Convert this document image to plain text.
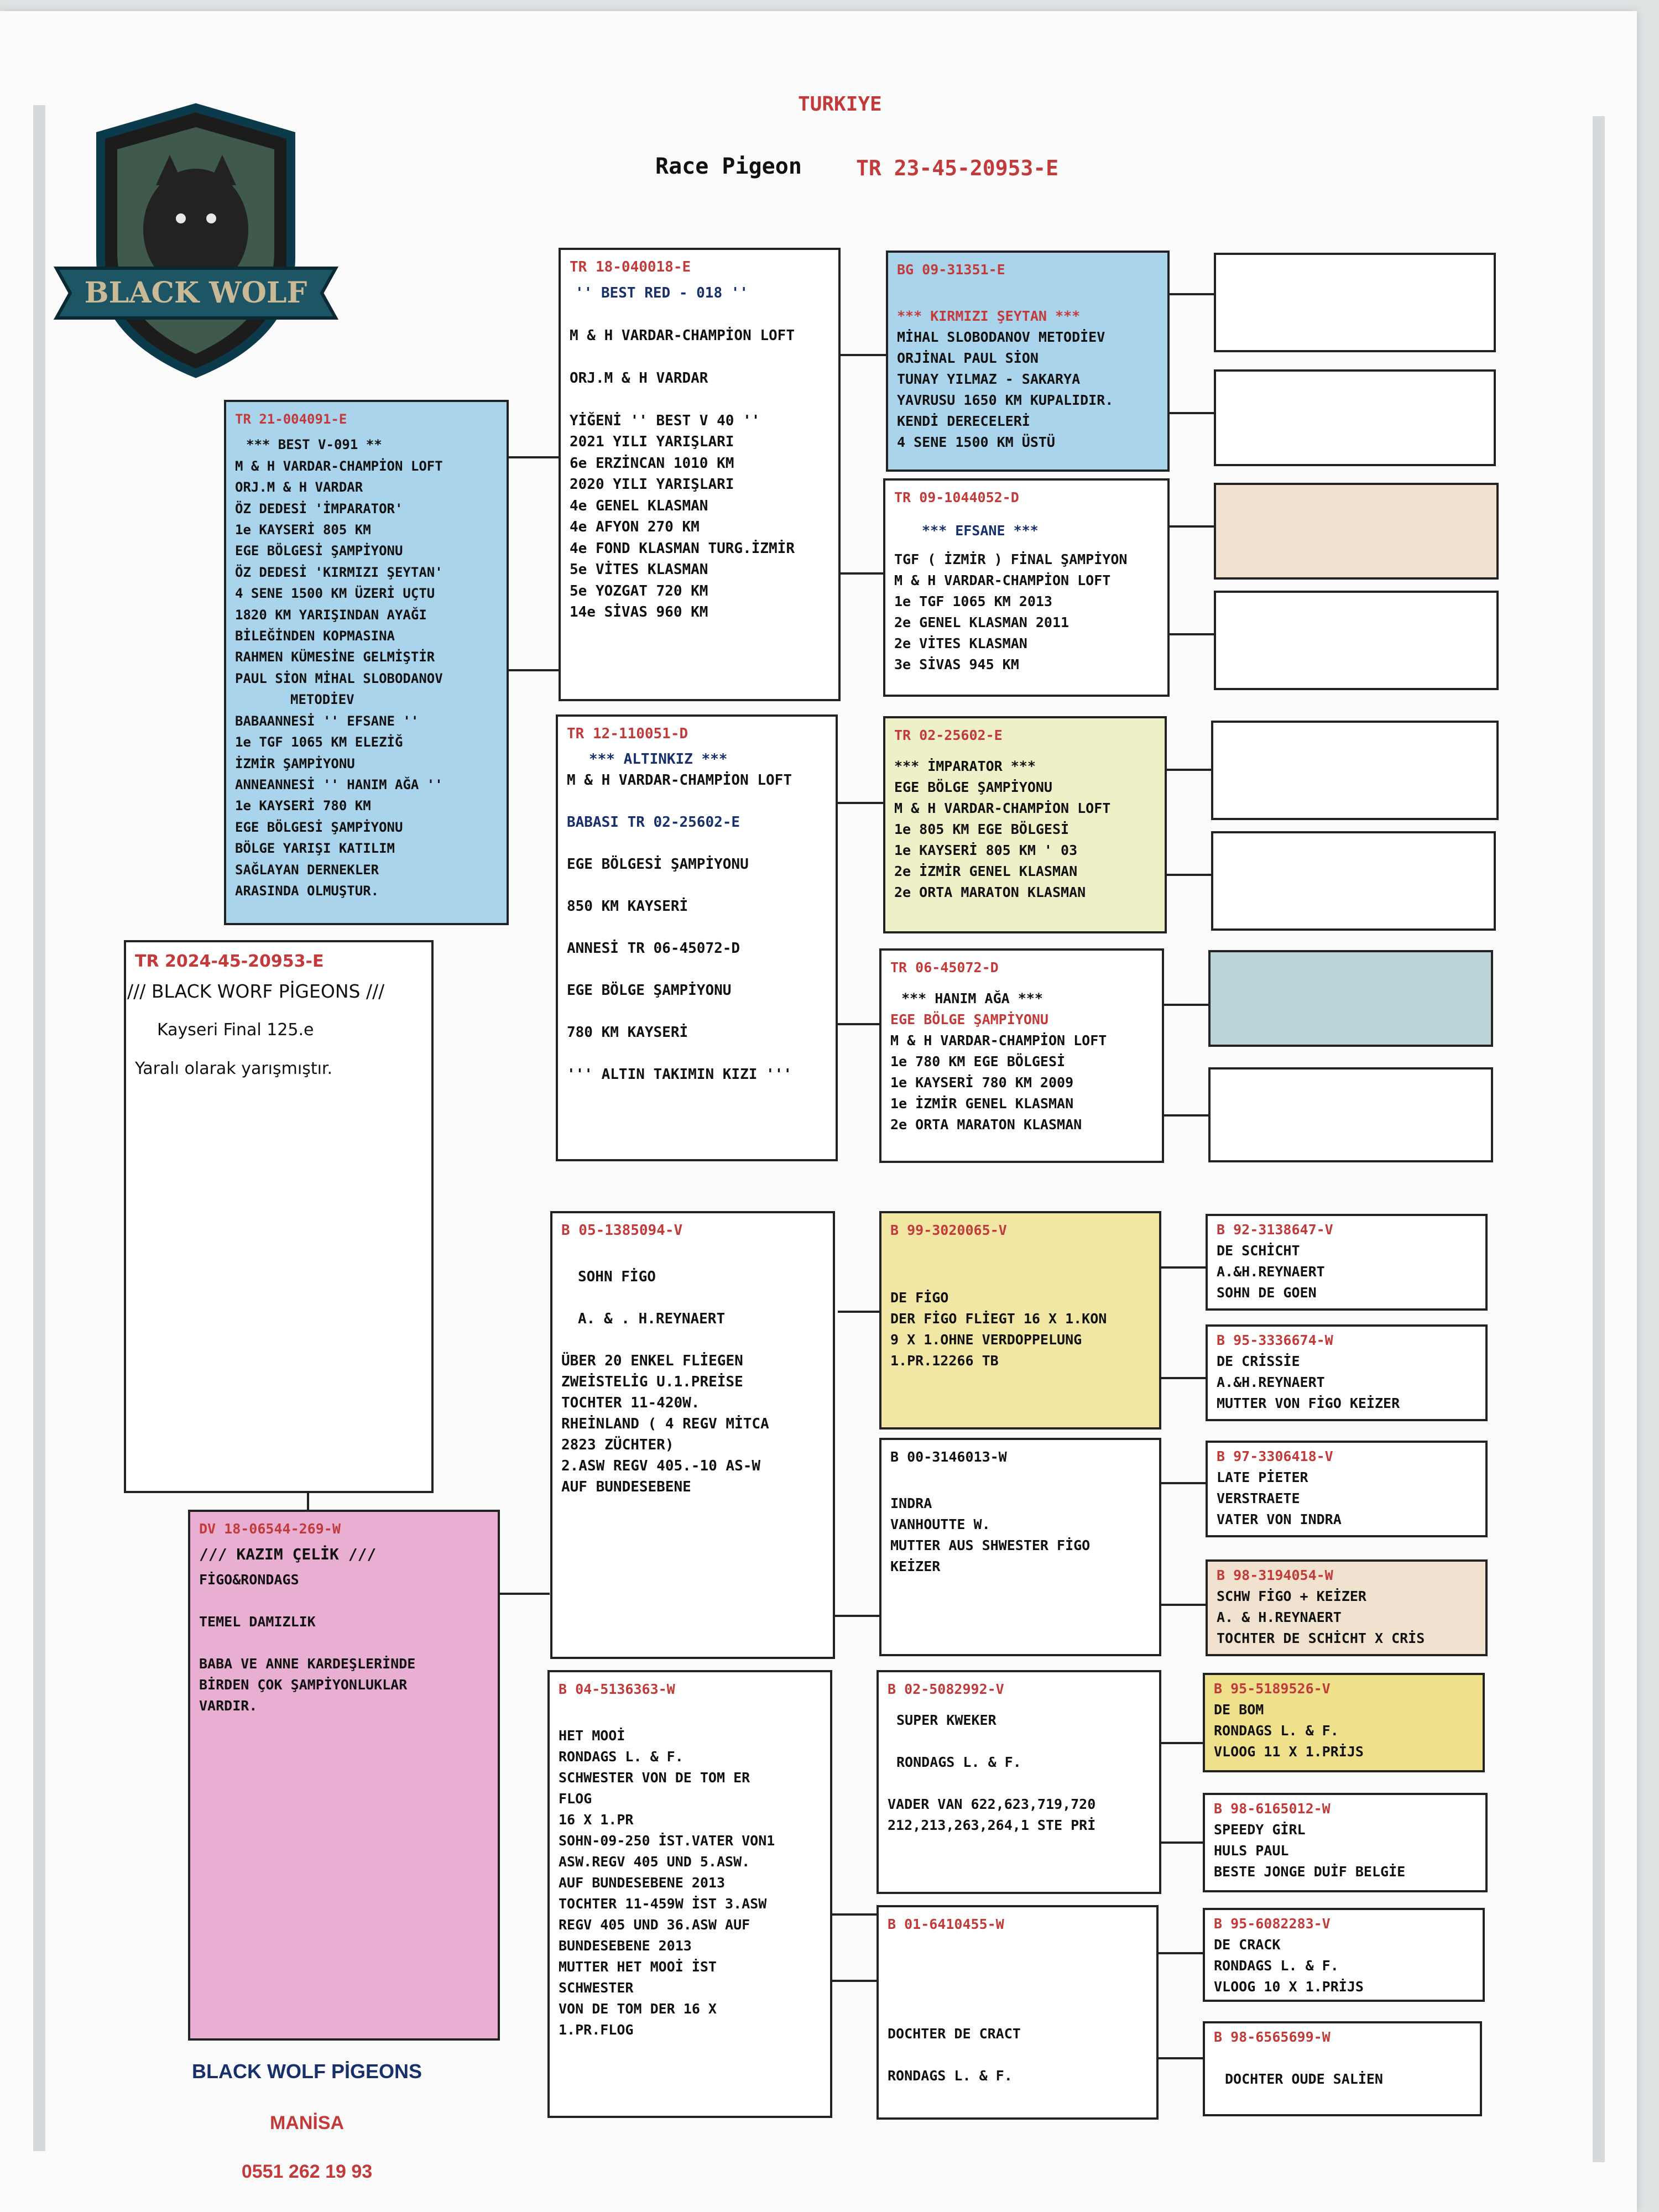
TURKIYE
Race Pigeon	TR 23-45-20953-E
BLACK WOLF
TR 2024-45-20953-E
/// BLACK WORF PİGEONS ///
Kayseri Final 125.e
Yaralı olarak yarışmıştır.
TR 21-004091-E
*** BEST V-091 **
M & H VARDAR-CHAMPİON LOFT
ORJ.M & H VARDAR
ÖZ DEDESİ 'İMPARATOR'
1e KAYSERİ 805 KM
EGE BÖLGESİ ŞAMPİYONU
ÖZ DEDESİ 'KIRMIZI ŞEYTAN'
4 SENE 1500 KM ÜZERİ UÇTU
1820 KM YARIŞINDAN AYAĞI
BİLEĞİNDEN KOPMASINA
RAHMEN KÜMESİNE GELMİŞTİR
PAUL SİON MİHAL SLOBODANOV
METODİEV
BABAANNESİ '' EFSANE ''
1e TGF 1065 KM ELEZİĞ
İZMİR ŞAMPİYONU
ANNEANNESİ '' HANIM AĞA ''
1e KAYSERİ 780 KM
EGE BÖLGESİ ŞAMPİYONU
BÖLGE YARIŞI KATILIM
SAĞLAYAN DERNEKLER
ARASINDA OLMUŞTUR.
DV 18-06544-269-W
/// KAZIM ÇELİK ///
FİGO&RONDAGS

TEMEL DAMIZLIK

BABA VE ANNE KARDEŞLERİNDE
BİRDEN ÇOK ŞAMPİYONLUKLAR
VARDIR.
TR 18-040018-E
'' BEST RED - 018 ''

M & H VARDAR-CHAMPİON LOFT

ORJ.M & H VARDAR

YİĞENİ '' BEST V 40 ''
2021 YILI YARIŞLARI
6e ERZİNCAN 1010 KM
2020 YILI YARIŞLARI
4e GENEL KLASMAN
4e AFYON 270 KM
4e FOND KLASMAN TURG.İZMİR
5e VİTES KLASMAN
5e YOZGAT 720 KM
14e SİVAS 960 KM
TR 12-110051-D
*** ALTINKIZ ***
M & H VARDAR-CHAMPİON LOFT

BABASI TR 02-25602-E

EGE BÖLGESİ ŞAMPİYONU

850 KM KAYSERİ

ANNESİ TR 06-45072-D

EGE BÖLGE ŞAMPİYONU

780 KM KAYSERİ

''' ALTIN TAKIMIN KIZI '''
B 05-1385094-V

SOHN FİGO

A. & . H.REYNAERT

ÜBER 20 ENKEL FLİEGEN
ZWEİSTELİG U.1.PREİSE
TOCHTER 11-420W.
RHEİNLAND ( 4 REGV MİTCA
2823 ZÜCHTER)
2.ASW REGV 405.-10 AS-W
AUF BUNDESEBENE
B 04-5136363-W

HET MOOİ
RONDAGS L. & F.
SCHWESTER VON DE TOM ER
FLOG
16 X 1.PR
SOHN-09-250 İST.VATER VON1
ASW.REGV 405 UND 5.ASW.
AUF BUNDESEBENE 2013
TOCHTER 11-459W İST 3.ASW
REGV 405 UND 36.ASW AUF
BUNDESEBENE 2013
MUTTER HET MOOİ İST
SCHWESTER
VON DE TOM DER 16 X
1.PR.FLOG
BG 09-31351-E

*** KIRMIZI ŞEYTAN ***
MİHAL SLOBODANOV METODİEV
ORJİNAL PAUL SİON
TUNAY YILMAZ - SAKARYA
YAVRUSU 1650 KM KUPALIDIR.
KENDİ DERECELERİ
4 SENE 1500 KM ÜSTÜ
TR 09-1044052-D

*** EFSANE ***

TGF ( İZMİR ) FİNAL ŞAMPİYON
M & H VARDAR-CHAMPİON LOFT
1e TGF 1065 KM 2013
2e GENEL KLASMAN 2011
2e VİTES KLASMAN
3e SİVAS 945 KM
TR 02-25602-E

*** İMPARATOR ***
EGE BÖLGE ŞAMPİYONU
M & H VARDAR-CHAMPİON LOFT
1e 805 KM EGE BÖLGESİ
1e KAYSERİ 805 KM ' 03
2e İZMİR GENEL KLASMAN
2e ORTA MARATON KLASMAN
TR 06-45072-D

*** HANIM AĞA ***
EGE BÖLGE ŞAMPİYONU
M & H VARDAR-CHAMPİON LOFT
1e 780 KM EGE BÖLGESİ
1e KAYSERİ 780 KM 2009
1e İZMİR GENEL KLASMAN
2e ORTA MARATON KLASMAN
B 99-3020065-V

DE FİGO
DER FİGO FLİEGT 16 X 1.KON
9 X 1.OHNE VERDOPPELUNG
1.PR.12266 TB
B 00-3146013-W

INDRA
VANHOUTTE W.
MUTTER AUS SHWESTER FİGO
KEİZER
B 02-5082992-V

SUPER KWEKER

RONDAGS L. & F.

VADER VAN 622,623,719,720
212,213,263,264,1 STE PRİ
B 01-6410455-W

DOCHTER DE CRACT

RONDAGS L. & F.
B 92-3138647-V
DE SCHİCHT
A.&H.REYNAERT
SOHN DE GOEN
B 95-3336674-W
DE CRİSSİE
A.&H.REYNAERT
MUTTER VON FİGO KEİZER
B 97-3306418-V
LATE PİETER
VERSTRAETE
VATER VON INDRA
B 98-3194054-W
SCHW FİGO + KEİZER
A. & H.REYNAERT
TOCHTER DE SCHİCHT X CRİS
B 95-5189526-V
DE BOM
RONDAGS L. & F.
VLOOG 11 X 1.PRİJS
B 98-6165012-W
SPEEDY GİRL
HULS PAUL
BESTE JONGE DUİF BELGİE
B 95-6082283-V
DE CRACK
RONDAGS L. & F.
VLOOG 10 X 1.PRİJS
B 98-6565699-W

DOCHTER OUDE SALİEN
BLACK WOLF PİGEONS
MANİSA
0551 262 19 93
